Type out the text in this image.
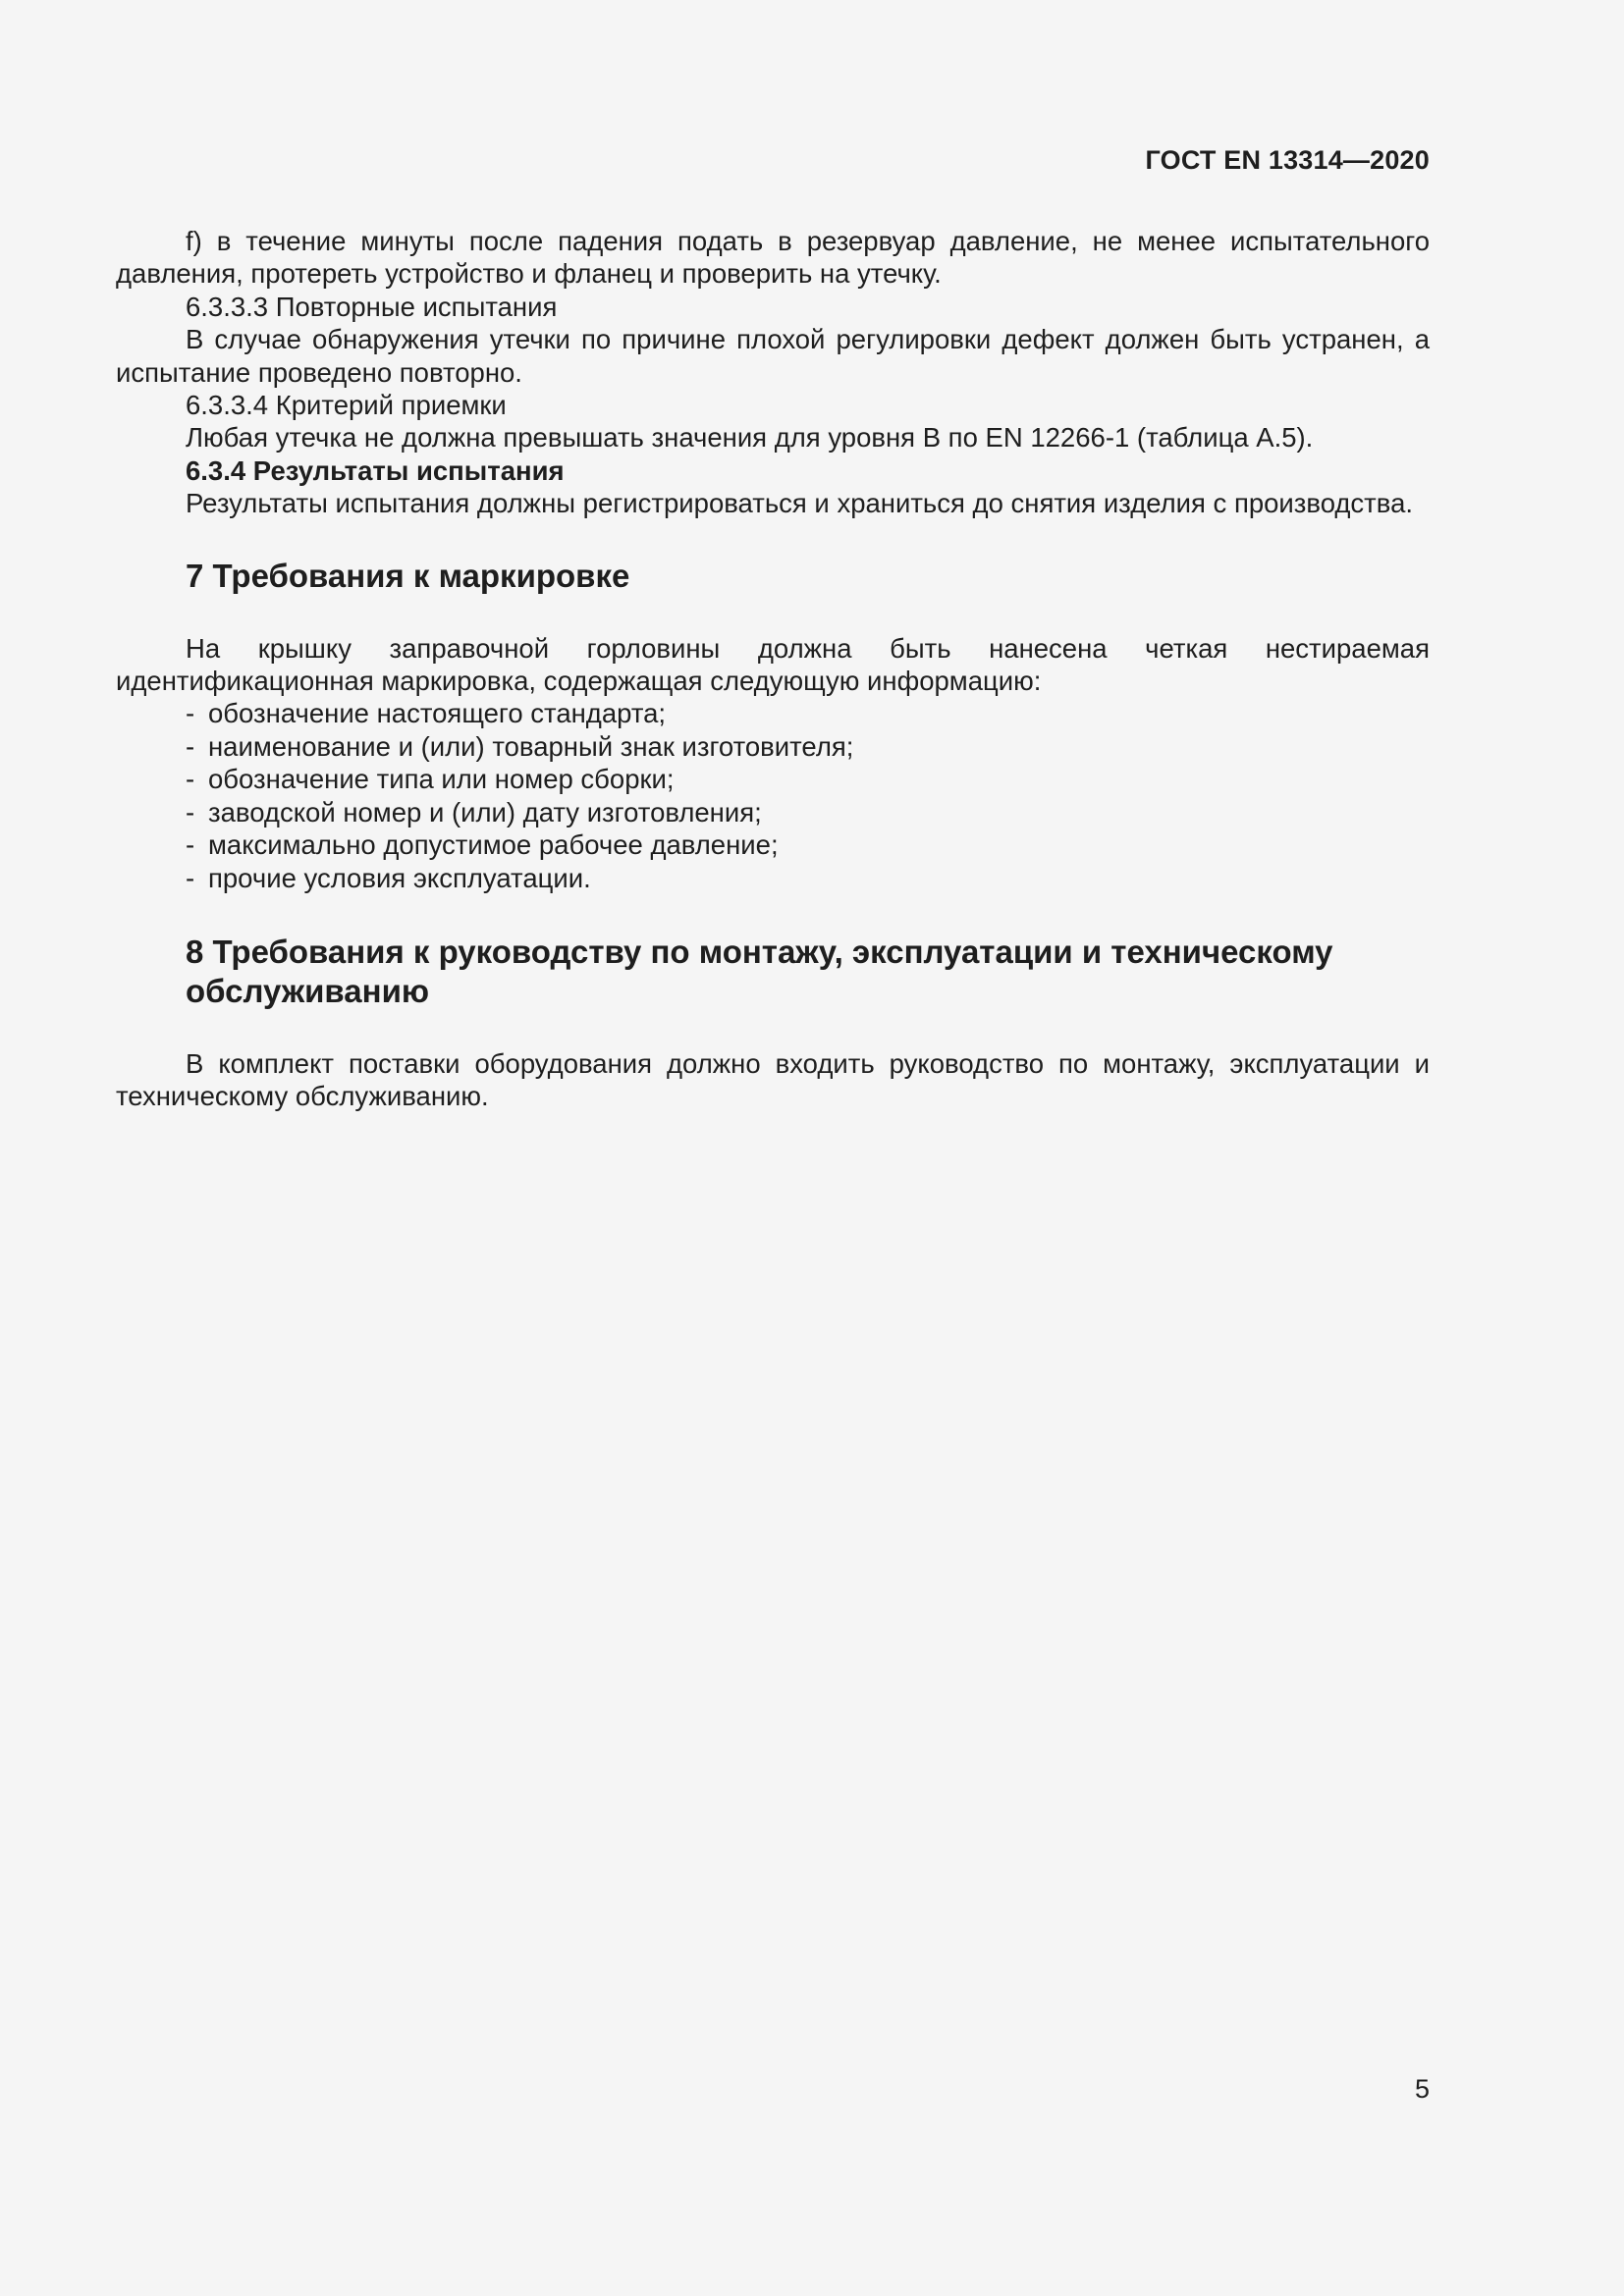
ГОСТ EN 13314—2020

f) в течение минуты после падения подать в резервуар давление, не менее испытательного давления, протереть устройство и фланец и проверить на утечку.

6.3.3.3 Повторные испытания

В случае обнаружения утечки по причине плохой регулировки дефект должен быть устранен, а испытание проведено повторно.

6.3.3.4 Критерий приемки

Любая утечка не должна превышать значения для уровня B по EN 12266-1 (таблица А.5).

6.3.4 Результаты испытания

Результаты испытания должны регистрироваться и храниться до снятия изделия с производства.

7 Требования к маркировке

На крышку заправочной горловины должна быть нанесена четкая нестираемая идентификационная маркировка, содержащая следующую информацию:

- обозначение настоящего стандарта;
- наименование и (или) товарный знак изготовителя;
- обозначение типа или номер сборки;
- заводской номер и (или) дату изготовления;
- максимально допустимое рабочее давление;
- прочие условия эксплуатации.
8 Требования к руководству по монтажу, эксплуатации и техническому обслуживанию

В комплект поставки оборудования должно входить руководство по монтажу, эксплуатации и техническому обслуживанию.

5
